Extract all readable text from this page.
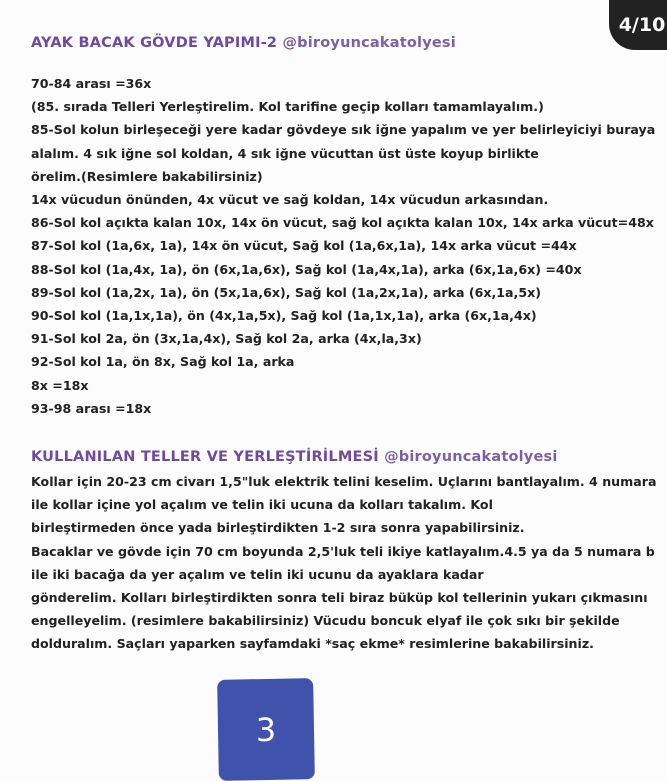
4/10
AYAK BACAK GÖVDE YAPIMI-2 @biroyuncakatolyesi
70-84 arası =36x
(85. sırada Telleri Yerleştirelim. Kol tarifine geçip kolları tamamlayalım.)
85-Sol kolun birleşeceği yere kadar gövdeye sık iğne yapalım ve yer belirleyiciyi buraya
alalım. 4 sık iğne sol koldan, 4 sık iğne vücuttan üst üste koyup birlikte
örelim.(Resimlere bakabilirsiniz)
14x vücudun önünden, 4x vücut ve sağ koldan, 14x vücudun arkasından.
86-Sol kol açıkta kalan 10x, 14x ön vücut, sağ kol açıkta kalan 10x, 14x arka vücut=48x
87-Sol kol (1a,6x, 1a), 14x ön vücut, Sağ kol (1a,6x,1a), 14x arka vücut =44x
88-Sol kol (1a,4x, 1a), ön (6x,1a,6x), Sağ kol (1a,4x,1a), arka (6x,1a,6x) =40x
89-Sol kol (1a,2x, 1a), ön (5x,1a,6x), Sağ kol (1a,2x,1a), arka (6x,1a,5x)
90-Sol kol (1a,1x,1a), ön (4x,1a,5x), Sağ kol (1a,1x,1a), arka (6x,1a,4x)
91-Sol kol 2a, ön (3x,1a,4x), Sağ kol 2a, arka (4x,la,3x)
92-Sol kol 1a, ön 8x, Sağ kol 1a, arka
8x =18x
93-98 arası =18x
KULLANILAN TELLER VE YERLEŞTİRİLMESİ @biroyuncakatolyesi
Kollar için 20-23 cm civarı 1,5"luk elektrik telini keselim. Uçlarını bantlayalım. 4 numara
ile kollar içine yol açalım ve telin iki ucuna da kolları takalım. Kol
birleştirmeden önce yada birleştirdikten 1-2 sıra sonra yapabilirsiniz.
Bacaklar ve gövde için 70 cm boyunda 2,5'luk teli ikiye katlayalım.4.5 ya da 5 numara b
ile iki bacağa da yer açalım ve telin iki ucunu da ayaklara kadar
gönderelim. Kolları birleştirdikten sonra teli biraz büküp kol tellerinin yukarı çıkmasını
engelleyelim. (resimlere bakabilirsiniz) Vücudu boncuk elyaf ile çok sıkı bir şekilde
dolduralım. Saçları yaparken sayfamdaki *saç ekme* resimlerine bakabilirsiniz.
3
